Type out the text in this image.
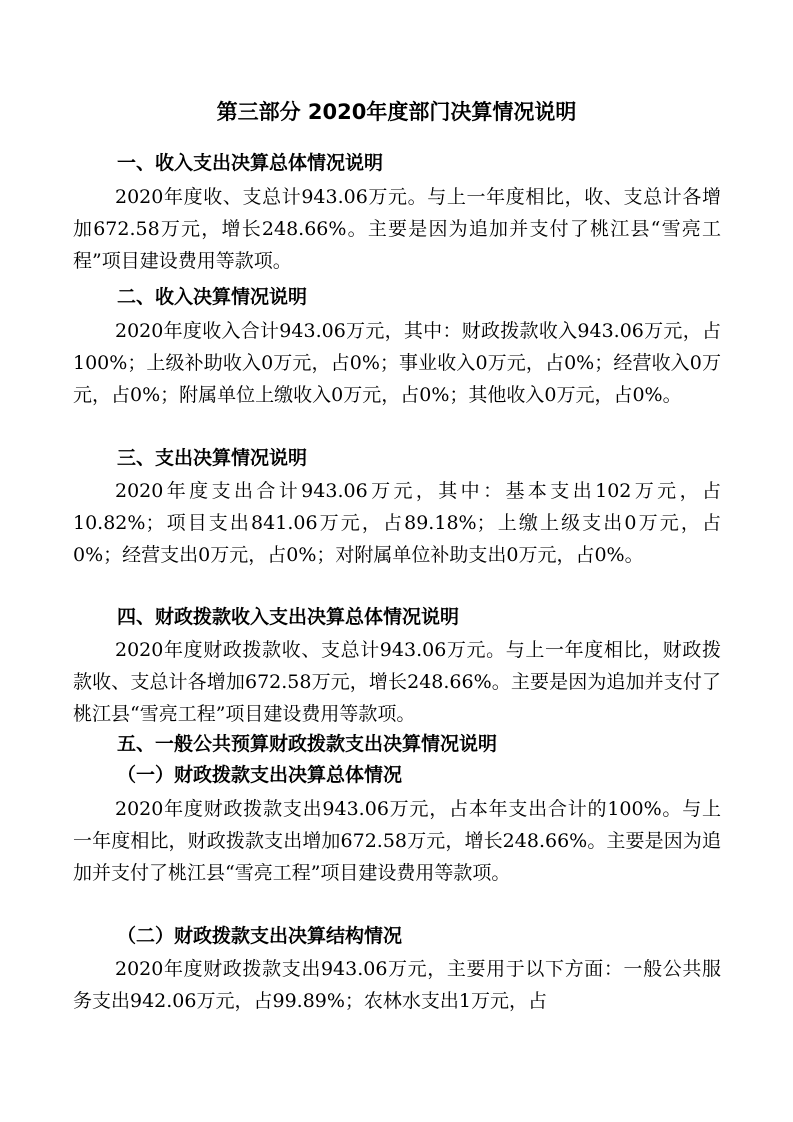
第三部分 2020年度部门决算情况说明
一、收入支出决算总体情况说明
2020年度收、支总计943.06万元。与上一年度相比，收、支总计各增加672.58万元，增长248.66%。主要是因为追加并支付了桃江县“雪亮工程”项目建设费用等款项。
二、收入决算情况说明
2020年度收入合计943.06万元，其中：财政拨款收入943.06万元，占100%；上级补助收入0万元，占0%；事业收入0万元，占0%；经营收入0万元，占0%；附属单位上缴收入0万元，占0%；其他收入0万元，占0%。
三、支出决算情况说明
2020年度支出合计943.06万元，其中：基本支出102万元，占10.82%；项目支出841.06万元，占89.18%；上缴上级支出0万元，占0%；经营支出0万元，占0%；对附属单位补助支出0万元，占0%。
四、财政拨款收入支出决算总体情况说明
2020年度财政拨款收、支总计943.06万元。与上一年度相比，财政拨款收、支总计各增加672.58万元，增长248.66%。主要是因为追加并支付了桃江县“雪亮工程”项目建设费用等款项。
五、一般公共预算财政拨款支出决算情况说明
（一）财政拨款支出决算总体情况
2020年度财政拨款支出943.06万元，占本年支出合计的100%。与上一年度相比，财政拨款支出增加672.58万元，增长248.66%。主要是因为追加并支付了桃江县“雪亮工程”项目建设费用等款项。
（二）财政拨款支出决算结构情况
2020年度财政拨款支出943.06万元，主要用于以下方面：一般公共服务支出942.06万元，占99.89%；农林水支出1万元，占
